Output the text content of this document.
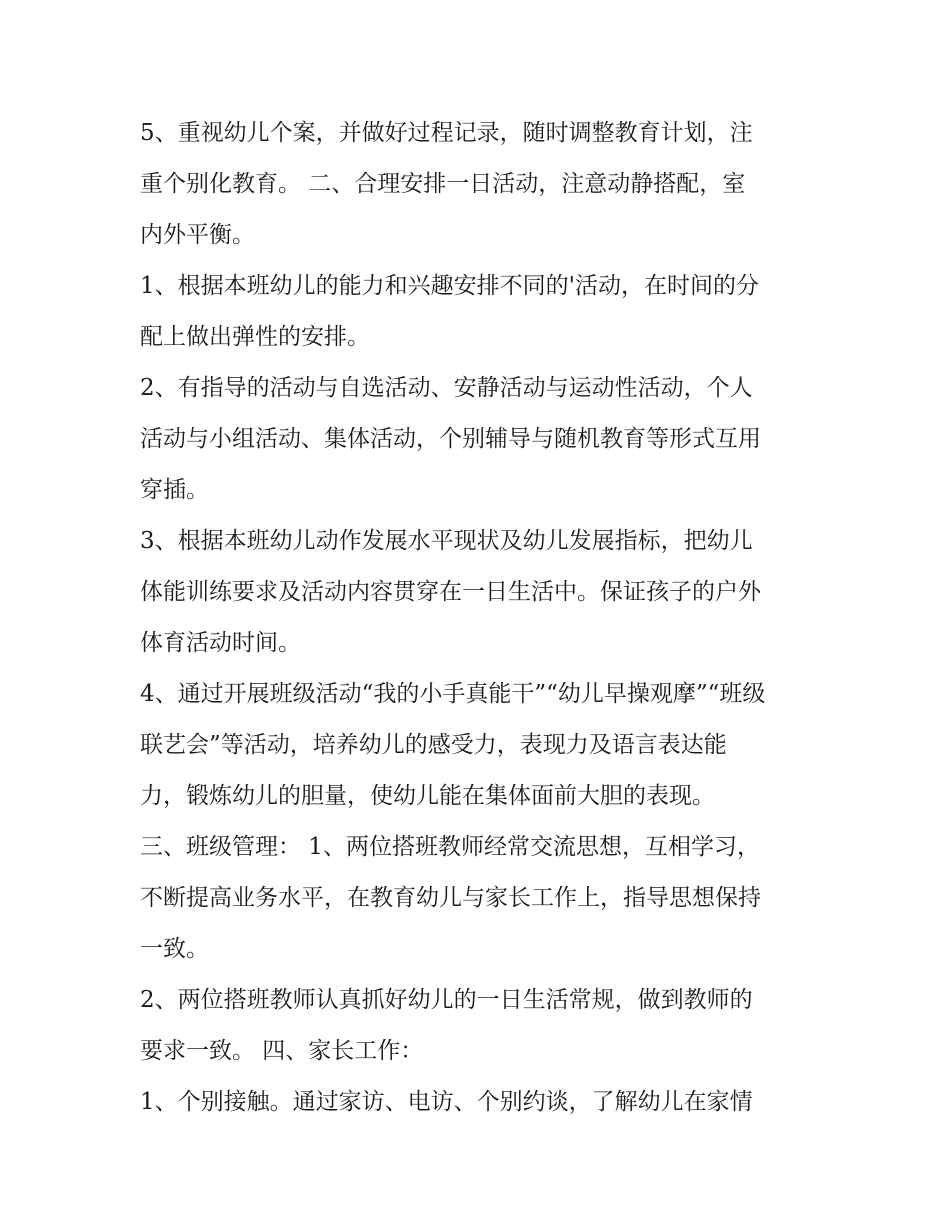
5、重视幼儿个案，并做好过程记录，随时调整教育计划，注
重个别化教育。 二、合理安排一日活动，注意动静搭配，室
内外平衡。
1、根据本班幼儿的能力和兴趣安排不同的'活动，在时间的分
配上做出弹性的安排。
2、有指导的活动与自选活动、安静活动与运动性活动，个人
活动与小组活动、集体活动，个别辅导与随机教育等形式互用
穿插。
3、根据本班幼儿动作发展水平现状及幼儿发展指标，把幼儿
体能训练要求及活动内容贯穿在一日生活中。保证孩子的户外
体育活动时间。
4、通过开展班级活动“我的小手真能干”“幼儿早操观摩”“班级
联艺会”等活动，培养幼儿的感受力，表现力及语言表达能
力，锻炼幼儿的胆量，使幼儿能在集体面前大胆的表现。
三、班级管理： 1、两位搭班教师经常交流思想，互相学习，
不断提高业务水平，在教育幼儿与家长工作上，指导思想保持
一致。
2、两位搭班教师认真抓好幼儿的一日生活常规，做到教师的
要求一致。 四、家长工作：
1、个别接触。通过家访、电访、个别约谈，了解幼儿在家情
